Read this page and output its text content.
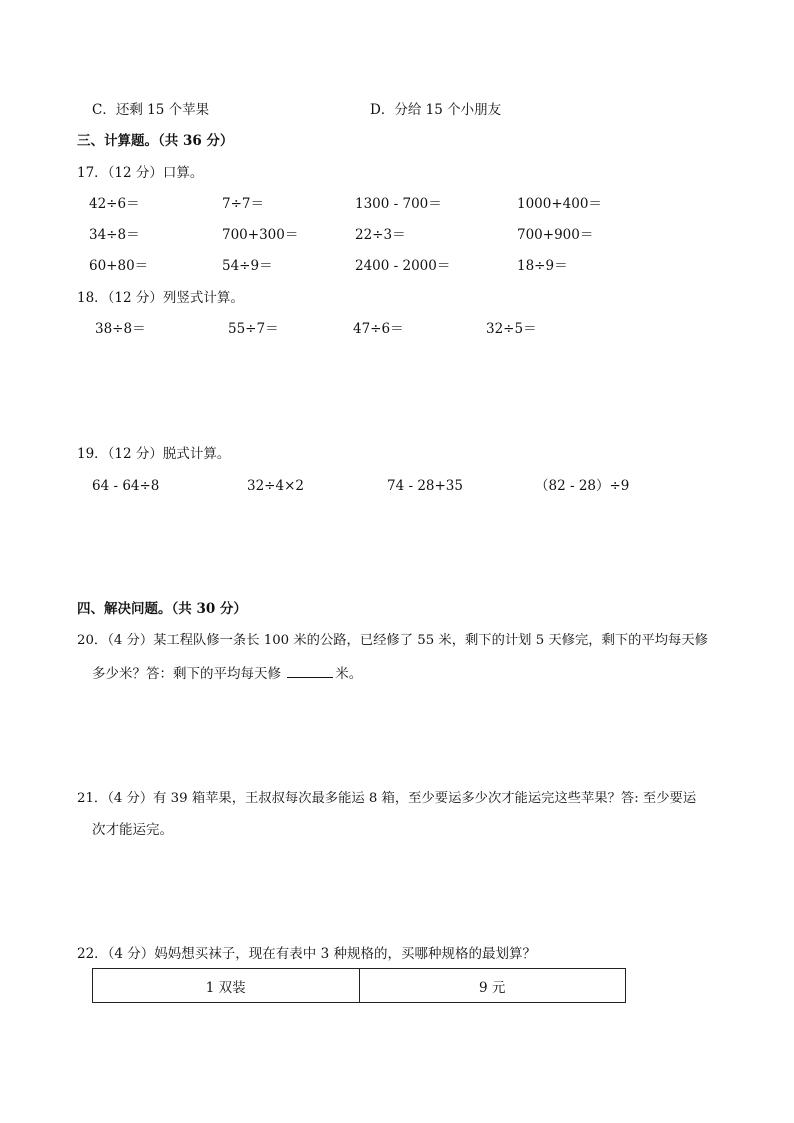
C．还剩 15 个苹果	D．分给 15 个小朋友
三、计算题。（共 36 分）
17．（12 分）口算。
42÷6＝	7÷7＝	1300 - 700＝	1000+400＝
34÷8＝	700+300＝	22÷3＝	700+900＝
60+80＝	54÷9＝	2400 - 2000＝	18÷9＝
18．（12 分）列竖式计算。
38÷8＝	55÷7＝	47÷6＝	32÷5＝
19．（12 分）脱式计算。
64 - 64÷8	32÷4×2	74 - 28+35	（82 - 28）÷9
四、解决问题。（共 30 分）
20．（4 分）某工程队修一条长 100 米的公路，已经修了 55 米，剩下的计划 5 天修完，剩下的平均每天修
多少米？答：剩下的平均每天修	米。
21．（4 分）有 39 箱苹果，王叔叔每次最多能运 8 箱，至少要运多少次才能运完这些苹果？答: 至少要运
次才能运完。
22．（4 分）妈妈想买袜子，现在有表中 3 种规格的，买哪种规格的最划算？
1 双装	9 元
